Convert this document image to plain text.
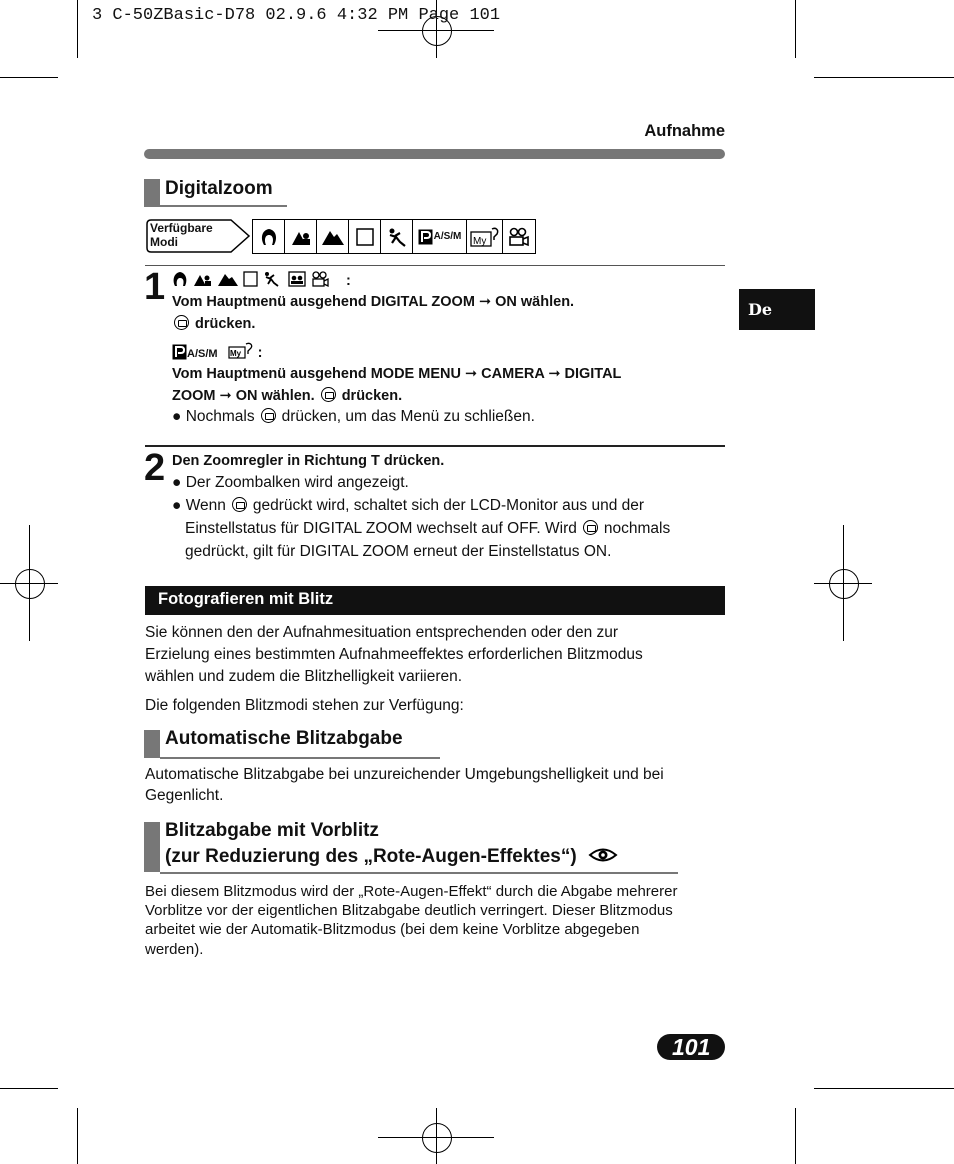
3 C-50ZBasic-D78 02.9.6 4:32 PM Page 101
Aufnahme
De
Digitalzoom
Verfügbare
Modi	A/S/M My
1	:
Vom Hauptmenü ausgehend DIGITAL ZOOM ➞ ON wählen.
drücken.
A/S/M My :
Vom Hauptmenü ausgehend MODE MENU ➞ CAMERA ➞ DIGITAL
ZOOM ➞ ON wählen. drücken.
● Nochmals drücken, um das Menü zu schließen.
2 Den Zoomregler in Richtung T drücken.
● Der Zoombalken wird angezeigt.
● Wenn gedrückt wird, schaltet sich der LCD-Monitor aus und der
Einstellstatus für DIGITAL ZOOM wechselt auf OFF. Wird nochmals
gedrückt, gilt für DIGITAL ZOOM erneut der Einstellstatus ON.
Fotografieren mit Blitz
Sie können den der Aufnahmesituation entsprechenden oder den zur
Erzielung eines bestimmten Aufnahmeeffektes erforderlichen Blitzmodus
wählen und zudem die Blitzhelligkeit variieren.
Die folgenden Blitzmodi stehen zur Verfügung:
Automatische Blitzabgabe
Automatische Blitzabgabe bei unzureichender Umgebungshelligkeit und bei
Gegenlicht.
Blitzabgabe mit Vorblitz
(zur Reduzierung des „Rote-Augen-Effektes“)
Bei diesem Blitzmodus wird der „Rote-Augen-Effekt“ durch die Abgabe mehrerer
Vorblitze vor der eigentlichen Blitzabgabe deutlich verringert. Dieser Blitzmodus
arbeitet wie der Automatik-Blitzmodus (bei dem keine Vorblitze abgegeben
werden).
101
